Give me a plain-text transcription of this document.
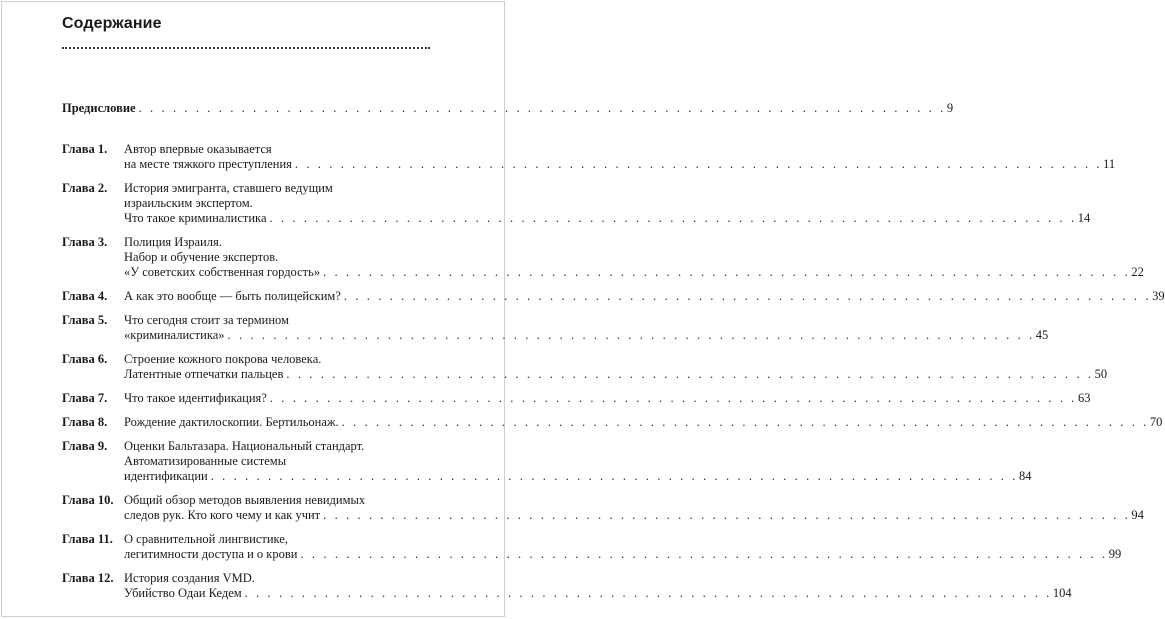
Содержание
Предисловие . . . . . . . . . . . . . . . . . . . . . . . . . . . . . . . . . . . . . . . . . . . . . . . . . . . . . . . . . . . . . . . . . . . . . . . 9
Глава 1.	Автор впервые оказывается
на месте тяжкого преступления . . . . . . . . . . . . . . . . . . . . . . . . . . . . . . . . . . . . . . . . . . . . . . . . . . . . . . . . . . . . . . . . . . . . . . . 11
Глава 2.	История эмигранта, ставшего ведущим
израильским экспертом.
Что такое криминалистика . . . . . . . . . . . . . . . . . . . . . . . . . . . . . . . . . . . . . . . . . . . . . . . . . . . . . . . . . . . . . . . . . . . . . . . 14
Глава 3.	Полиция Израиля.
Набор и обучение экспертов.
«У советских собственная гордость» . . . . . . . . . . . . . . . . . . . . . . . . . . . . . . . . . . . . . . . . . . . . . . . . . . . . . . . . . . . . . . . . . . . . . . . 22
Глава 4.	А как это вообще — быть полицейским? . . . . . . . . . . . . . . . . . . . . . . . . . . . . . . . . . . . . . . . . . . . . . . . . . . . . . . . . . . . . . . . . . . . . . . . 39
Глава 5.	Что сегодня стоит за термином
«криминалистика» . . . . . . . . . . . . . . . . . . . . . . . . . . . . . . . . . . . . . . . . . . . . . . . . . . . . . . . . . . . . . . . . . . . . . . . 45
Глава 6.	Строение кожного покрова человека.
Латентные отпечатки пальцев . . . . . . . . . . . . . . . . . . . . . . . . . . . . . . . . . . . . . . . . . . . . . . . . . . . . . . . . . . . . . . . . . . . . . . . 50
Глава 7.	Что такое идентификация? . . . . . . . . . . . . . . . . . . . . . . . . . . . . . . . . . . . . . . . . . . . . . . . . . . . . . . . . . . . . . . . . . . . . . . . 63
Глава 8.	Рождение дактилоскопии. Бертильонаж. . . . . . . . . . . . . . . . . . . . . . . . . . . . . . . . . . . . . . . . . . . . . . . . . . . . . . . . . . . . . . . . . . . . . . . . 70
Глава 9.	Оценки Бальтазара. Национальный стандарт.
Автоматизированные системы
идентификации . . . . . . . . . . . . . . . . . . . . . . . . . . . . . . . . . . . . . . . . . . . . . . . . . . . . . . . . . . . . . . . . . . . . . . . 84
Глава 10. Общий обзор методов выявления невидимых
следов рук. Кто кого чему и как учит . . . . . . . . . . . . . . . . . . . . . . . . . . . . . . . . . . . . . . . . . . . . . . . . . . . . . . . . . . . . . . . . . . . . . . . 94
Глава 11. О сравнительной лингвистике,
легитимности доступа и о крови . . . . . . . . . . . . . . . . . . . . . . . . . . . . . . . . . . . . . . . . . . . . . . . . . . . . . . . . . . . . . . . . . . . . . . . 99
Глава 12. История создания VMD.
Убийство Одаи Кедем . . . . . . . . . . . . . . . . . . . . . . . . . . . . . . . . . . . . . . . . . . . . . . . . . . . . . . . . . . . . . . . . . . . . . . . 104
